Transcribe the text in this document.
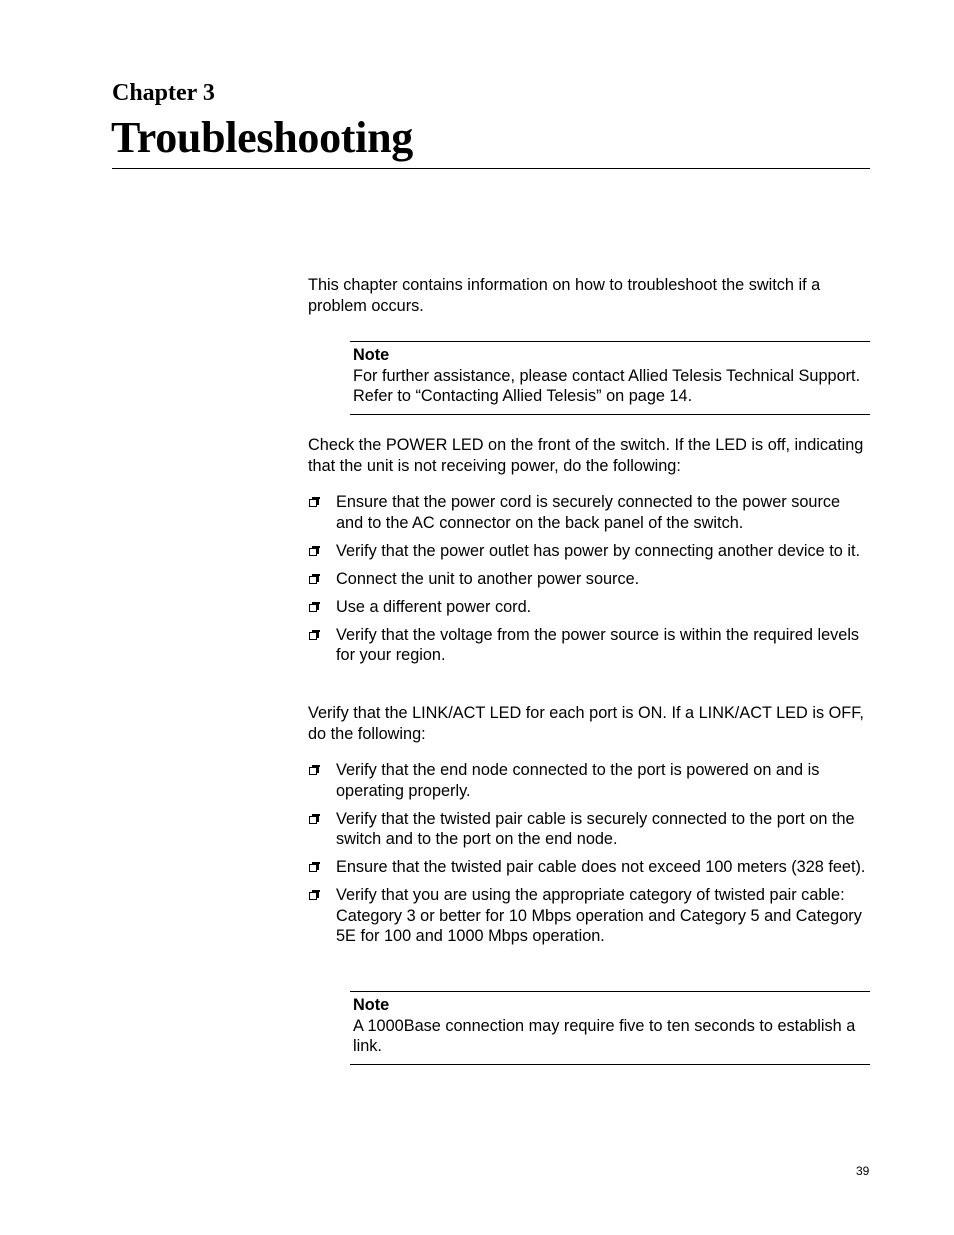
Chapter 3
Troubleshooting

This chapter contains information on how to troubleshoot the switch if a problem occurs.

Note
For further assistance, please contact Allied Telesis Technical Support. Refer to “Contacting Allied Telesis” on page 14.

Check the POWER LED on the front of the switch. If the LED is off, indicating that the unit is not receiving power, do the following:

Ensure that the power cord is securely connected to the power source and to the AC connector on the back panel of the switch.
Verify that the power outlet has power by connecting another device to it.
Connect the unit to another power source.
Use a different power cord.
Verify that the voltage from the power source is within the required levels for your region.

Verify that the LINK/ACT LED for each port is ON. If a LINK/ACT LED is OFF, do the following:

Verify that the end node connected to the port is powered on and is operating properly.
Verify that the twisted pair cable is securely connected to the port on the switch and to the port on the end node.
Ensure that the twisted pair cable does not exceed 100 meters (328 feet).
Verify that you are using the appropriate category of twisted pair cable: Category 3 or better for 10 Mbps operation and Category 5 and Category 5E for 100 and 1000 Mbps operation.
Note
A 1000Base connection may require five to ten seconds to establish a link.
39
